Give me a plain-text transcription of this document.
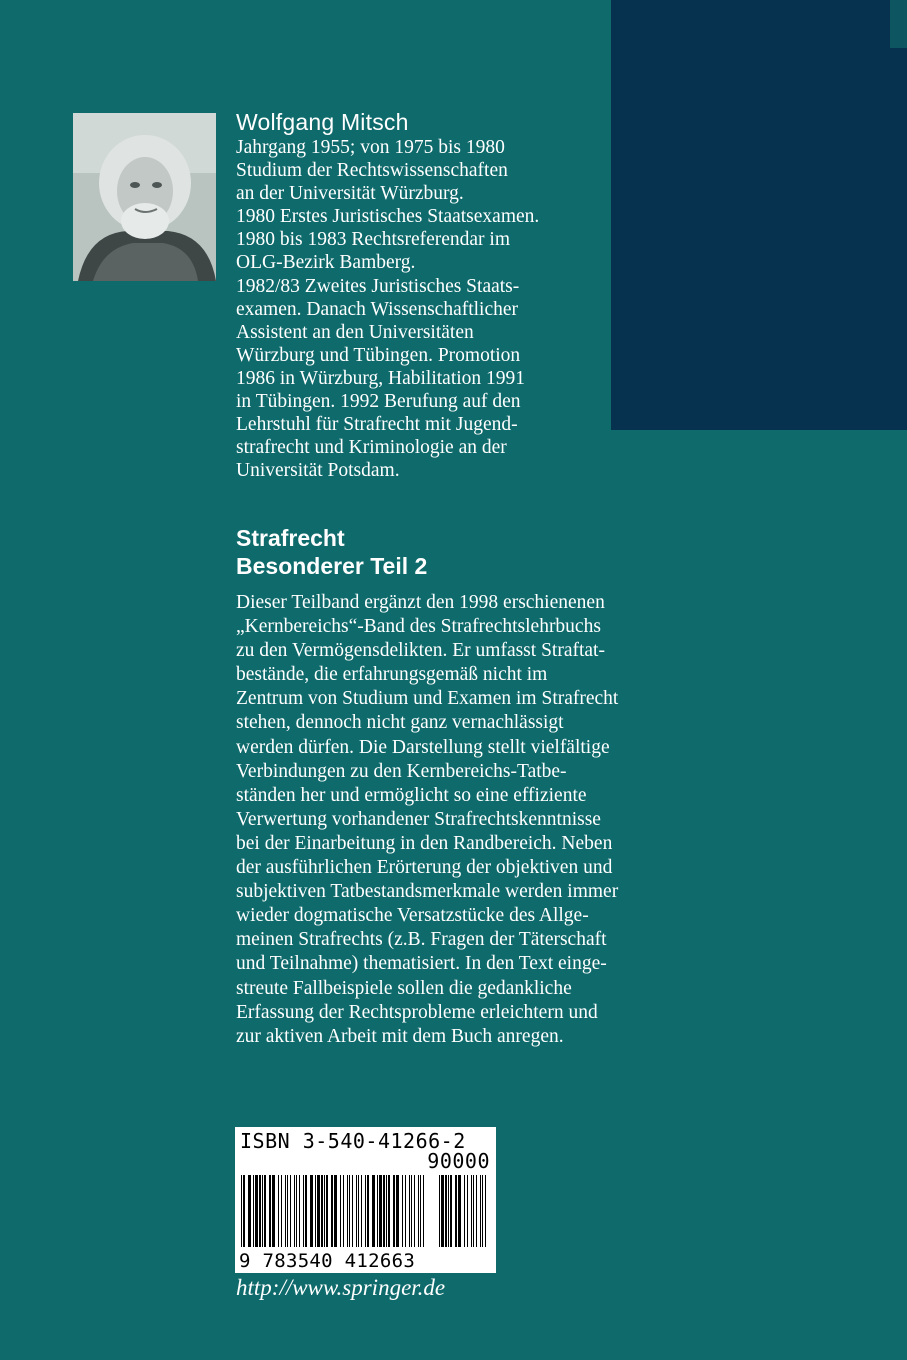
Wolfgang Mitsch
Jahrgang 1955; von 1975 bis 1980
Studium der Rechtswissenschaften
an der Universität Würzburg.
1980 Erstes Juristisches Staatsexamen.
1980 bis 1983 Rechtsreferendar im
OLG-Bezirk Bamberg.
1982/83 Zweites Juristisches Staats-
examen. Danach Wissenschaftlicher
Assistent an den Universitäten
Würzburg und Tübingen. Promotion
1986 in Würzburg, Habilitation 1991
in Tübingen. 1992 Berufung auf den
Lehrstuhl für Strafrecht mit Jugend-
strafrecht und Kriminologie an der
Universität Potsdam.
Strafrecht
Besonderer Teil 2
Dieser Teilband ergänzt den 1998 erschienenen
„Kernbereichs“-Band des Strafrechtslehrbuchs
zu den Vermögensdelikten. Er umfasst Straftat-
bestände, die erfahrungsgemäß nicht im
Zentrum von Studium und Examen im Strafrecht
stehen, dennoch nicht ganz vernachlässigt
werden dürfen. Die Darstellung stellt vielfältige
Verbindungen zu den Kernbereichs-Tatbe-
ständen her und ermöglicht so eine effiziente
Verwertung vorhandener Strafrechtskenntnisse
bei der Einarbeitung in den Randbereich. Neben
der ausführlichen Erörterung der objektiven und
subjektiven Tatbestandsmerkmale werden immer
wieder dogmatische Versatzstücke des Allge-
meinen Strafrechts (z.B. Fragen der Täterschaft
und Teilnahme) thematisiert. In den Text einge-
streute Fallbeispiele sollen die gedankliche
Erfassung der Rechtsprobleme erleichtern und
zur aktiven Arbeit mit dem Buch anregen.
ISBN 3-540-41266-2
90000
9 783540 412663
http://www.springer.de
